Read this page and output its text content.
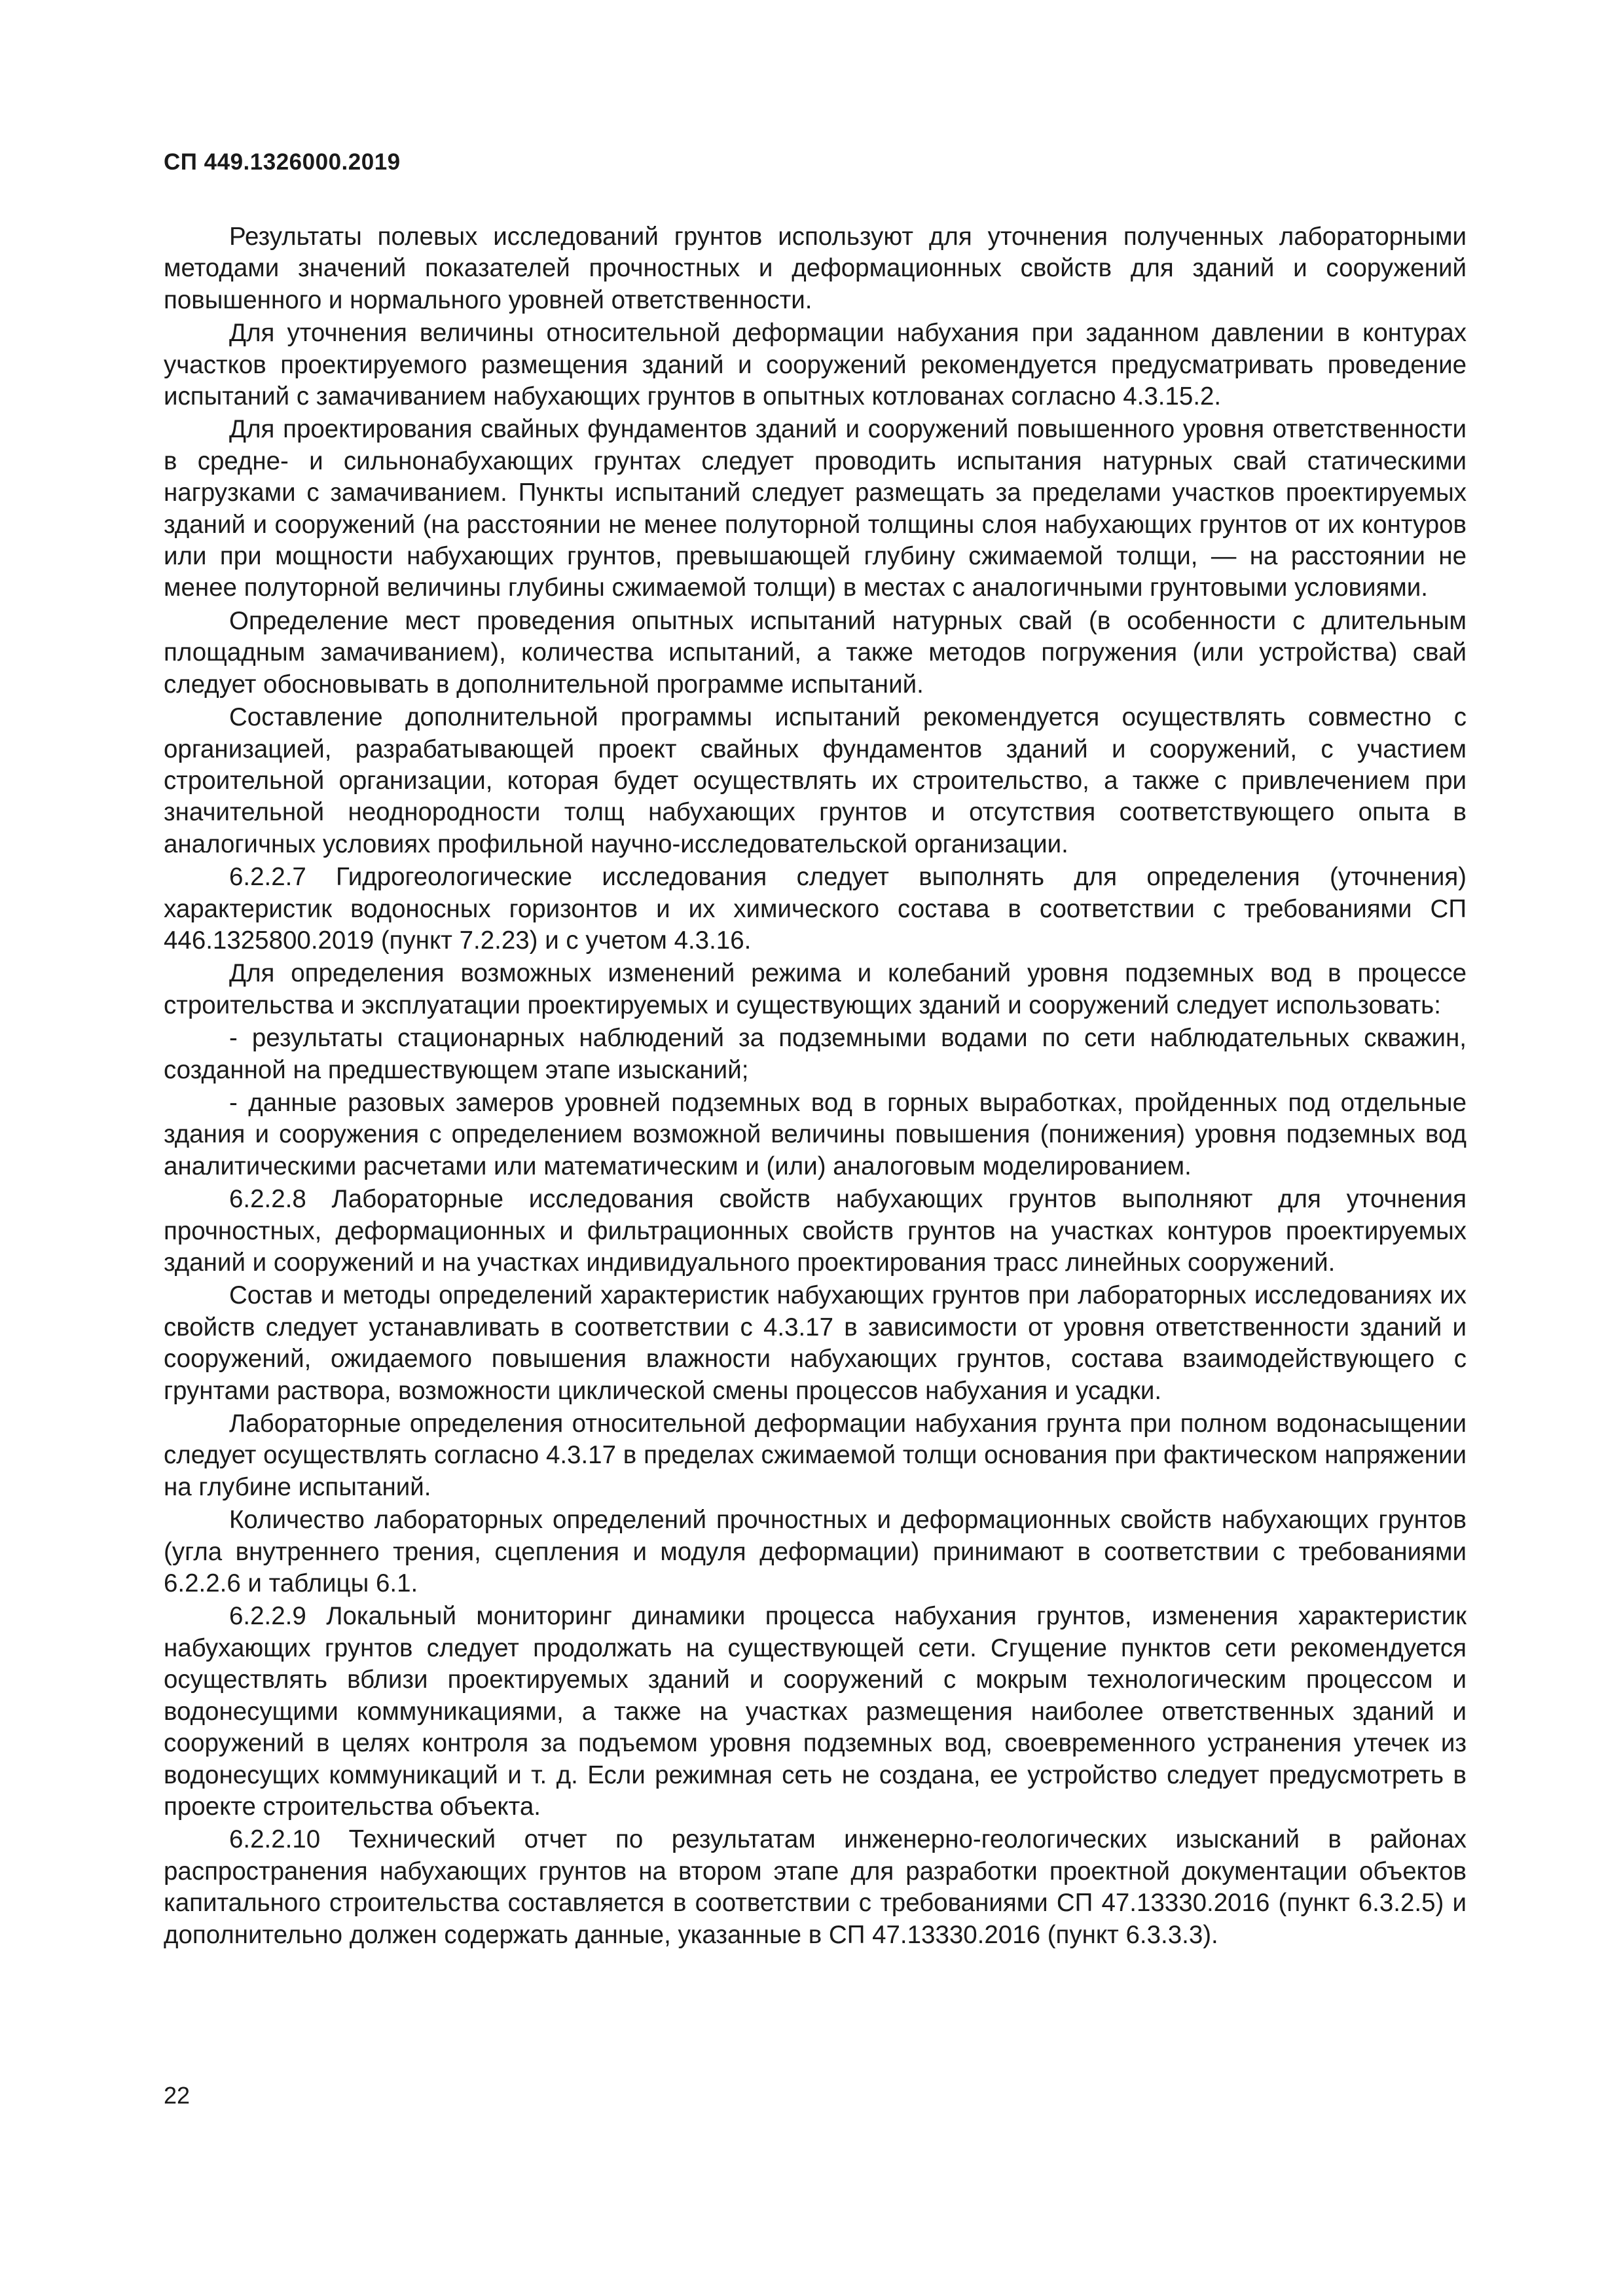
СП 449.1326000.2019

Результаты полевых исследований грунтов используют для уточнения полученных лабораторными методами значений показателей прочностных и деформационных свойств для зданий и сооружений повышенного и нормального уровней ответственности.

Для уточнения величины относительной деформации набухания при заданном давлении в контурах участков проектируемого размещения зданий и сооружений рекомендуется предусматривать проведение испытаний с замачиванием набухающих грунтов в опытных котлованах согласно 4.3.15.2.

Для проектирования свайных фундаментов зданий и сооружений повышенного уровня ответственности в средне- и сильнонабухающих грунтах следует проводить испытания натурных свай статическими нагрузками с замачиванием. Пункты испытаний следует размещать за пределами участков проектируемых зданий и сооружений (на расстоянии не менее полуторной толщины слоя набухающих грунтов от их контуров или при мощности набухающих грунтов, превышающей глубину сжимаемой толщи, — на расстоянии не менее полуторной величины глубины сжимаемой толщи) в местах с аналогичными грунтовыми условиями.

Определение мест проведения опытных испытаний натурных свай (в особенности с длительным площадным замачиванием), количества испытаний, а также методов погружения (или устройства) свай следует обосновывать в дополнительной программе испытаний.

Составление дополнительной программы испытаний рекомендуется осуществлять совместно с организацией, разрабатывающей проект свайных фундаментов зданий и сооружений, с участием строительной организации, которая будет осуществлять их строительство, а также с привлечением при значительной неоднородности толщ набухающих грунтов и отсутствия соответствующего опыта в аналогичных условиях профильной научно-исследовательской организации.

6.2.2.7 Гидрогеологические исследования следует выполнять для определения (уточнения) характеристик водоносных горизонтов и их химического состава в соответствии с требованиями СП 446.1325800.2019 (пункт 7.2.23) и с учетом 4.3.16.

Для определения возможных изменений режима и колебаний уровня подземных вод в процессе строительства и эксплуатации проектируемых и существующих зданий и сооружений следует использовать:

- результаты стационарных наблюдений за подземными водами по сети наблюдательных скважин, созданной на предшествующем этапе изысканий;

- данные разовых замеров уровней подземных вод в горных выработках, пройденных под отдельные здания и сооружения с определением возможной величины повышения (понижения) уровня подземных вод аналитическими расчетами или математическим и (или) аналоговым моделированием.

6.2.2.8 Лабораторные исследования свойств набухающих грунтов выполняют для уточнения прочностных, деформационных и фильтрационных свойств грунтов на участках контуров проектируемых зданий и сооружений и на участках индивидуального проектирования трасс линейных сооружений.

Состав и методы определений характеристик набухающих грунтов при лабораторных исследованиях их свойств следует устанавливать в соответствии с 4.3.17 в зависимости от уровня ответственности зданий и сооружений, ожидаемого повышения влажности набухающих грунтов, состава взаимодействующего с грунтами раствора, возможности циклической смены процессов набухания и усадки.

Лабораторные определения относительной деформации набухания грунта при полном водонасыщении следует осуществлять согласно 4.3.17 в пределах сжимаемой толщи основания при фактическом напряжении на глубине испытаний.

Количество лабораторных определений прочностных и деформационных свойств набухающих грунтов (угла внутреннего трения, сцепления и модуля деформации) принимают в соответствии с требованиями 6.2.2.6 и таблицы 6.1.

6.2.2.9 Локальный мониторинг динамики процесса набухания грунтов, изменения характеристик набухающих грунтов следует продолжать на существующей сети. Сгущение пунктов сети рекомендуется осуществлять вблизи проектируемых зданий и сооружений с мокрым технологическим процессом и водонесущими коммуникациями, а также на участках размещения наиболее ответственных зданий и сооружений в целях контроля за подъемом уровня подземных вод, своевременного устранения утечек из водонесущих коммуникаций и т. д. Если режимная сеть не создана, ее устройство следует предусмотреть в проекте строительства объекта.

6.2.2.10 Технический отчет по результатам инженерно-геологических изысканий в районах распространения набухающих грунтов на втором этапе для разработки проектной документации объектов капитального строительства составляется в соответствии с требованиями СП 47.13330.2016 (пункт 6.3.2.5) и дополнительно должен содержать данные, указанные в СП 47.13330.2016 (пункт 6.3.3.3).

22
